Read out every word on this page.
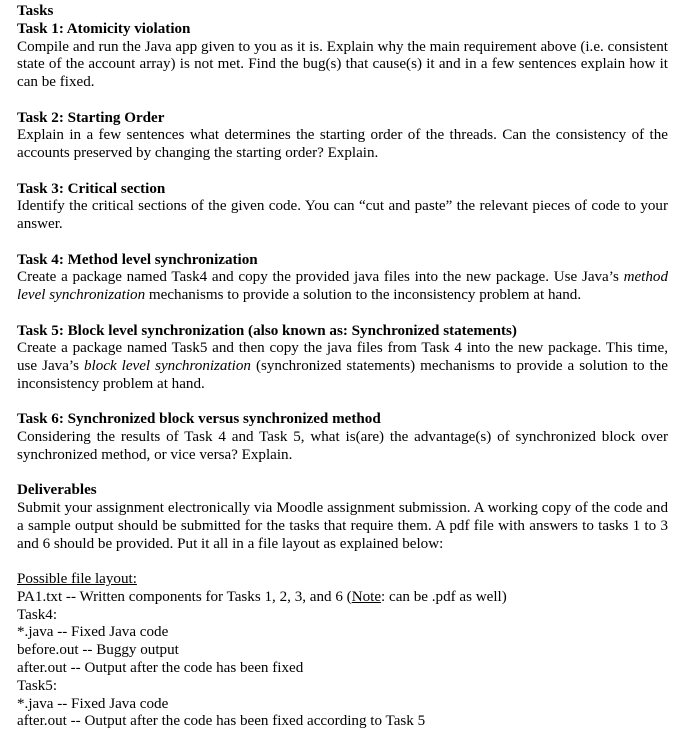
Tasks
Task 1: Atomicity violation
Compile and run the Java app given to you as it is. Explain why the main requirement above (i.e. consistent state of the account array) is not met. Find the bug(s) that cause(s) it and in a few sentences explain how it can be fixed.
Task 2: Starting Order
Explain in a few sentences what determines the starting order of the threads. Can the consistency of the accounts preserved by changing the starting order? Explain.
Task 3: Critical section
Identify the critical sections of the given code. You can “cut and paste” the relevant pieces of code to your answer.
Task 4: Method level synchronization
Create a package named Task4 and copy the provided java files into the new package. Use Java’s method level synchronization mechanisms to provide a solution to the inconsistency problem at hand.
Task 5: Block level synchronization (also known as: Synchronized statements)
Create a package named Task5 and then copy the java files from Task 4 into the new package. This time, use Java’s block level synchronization (synchronized statements) mechanisms to provide a solution to the inconsistency problem at hand.
Task 6: Synchronized block versus synchronized method
Considering the results of Task 4 and Task 5, what is(are) the advantage(s) of synchronized block over synchronized method, or vice versa? Explain.
Deliverables
Submit your assignment electronically via Moodle assignment submission. A working copy of the code and a sample output should be submitted for the tasks that require them. A pdf file with answers to tasks 1 to 3 and 6 should be provided. Put it all in a file layout as explained below:
Possible file layout:
PA1.txt -- Written components for Tasks 1, 2, 3, and 6 (Note: can be .pdf as well)
Task4:
*.java -- Fixed Java code
before.out -- Buggy output
after.out -- Output after the code has been fixed
Task5:
*.java -- Fixed Java code
after.out -- Output after the code has been fixed according to Task 5
